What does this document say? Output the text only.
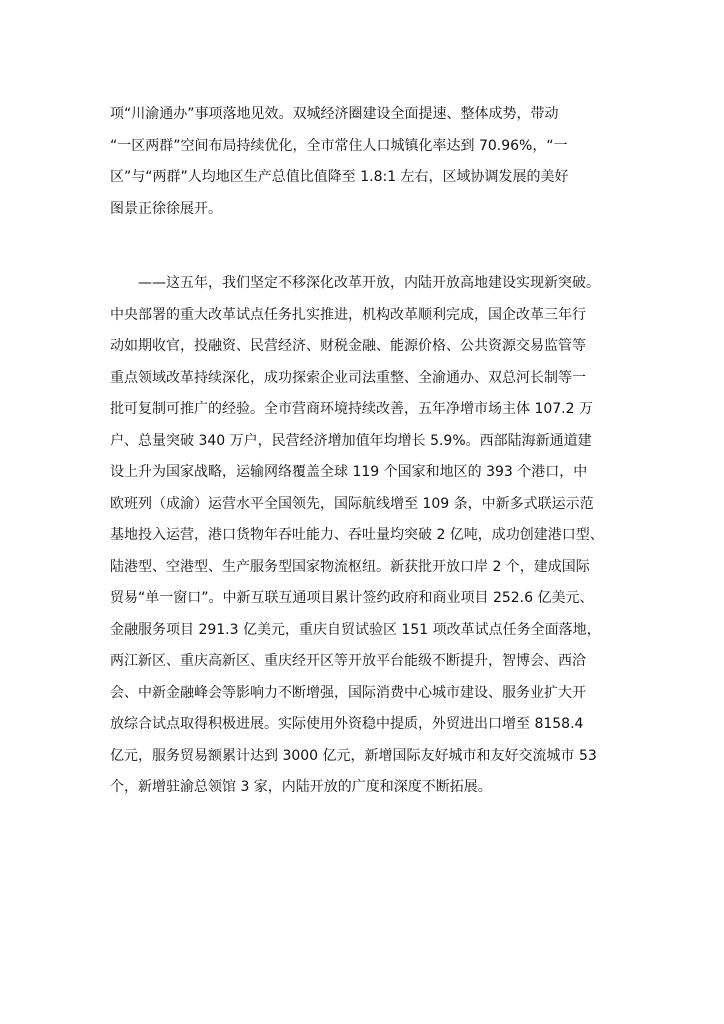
项“川渝通办”事项落地见效。双城经济圈建设全面提速、整体成势，带动
“一区两群”空间布局持续优化，全市常住人口城镇化率达到 70.96%，“一
区”与“两群”人均地区生产总值比值降至 1.8:1 左右，区域协调发展的美好
图景正徐徐展开。

——这五年，我们坚定不移深化改革开放，内陆开放高地建设实现新突破。
中央部署的重大改革试点任务扎实推进，机构改革顺利完成，国企改革三年行
动如期收官，投融资、民营经济、财税金融、能源价格、公共资源交易监管等
重点领域改革持续深化，成功探索企业司法重整、全渝通办、双总河长制等一
批可复制可推广的经验。全市营商环境持续改善，五年净增市场主体 107.2 万
户、总量突破 340 万户，民营经济增加值年均增长 5.9%。西部陆海新通道建
设上升为国家战略，运输网络覆盖全球 119 个国家和地区的 393 个港口，中
欧班列（成渝）运营水平全国领先，国际航线增至 109 条，中新多式联运示范
基地投入运营，港口货物年吞吐能力、吞吐量均突破 2 亿吨，成功创建港口型、
陆港型、空港型、生产服务型国家物流枢纽。新获批开放口岸 2 个，建成国际
贸易“单一窗口”。中新互联互通项目累计签约政府和商业项目 252.6 亿美元、
金融服务项目 291.3 亿美元，重庆自贸试验区 151 项改革试点任务全面落地，
两江新区、重庆高新区、重庆经开区等开放平台能级不断提升，智博会、西洽
会、中新金融峰会等影响力不断增强，国际消费中心城市建设、服务业扩大开
放综合试点取得积极进展。实际使用外资稳中提质，外贸进出口增至 8158.4
亿元，服务贸易额累计达到 3000 亿元，新增国际友好城市和友好交流城市 53
个，新增驻渝总领馆 3 家，内陆开放的广度和深度不断拓展。
